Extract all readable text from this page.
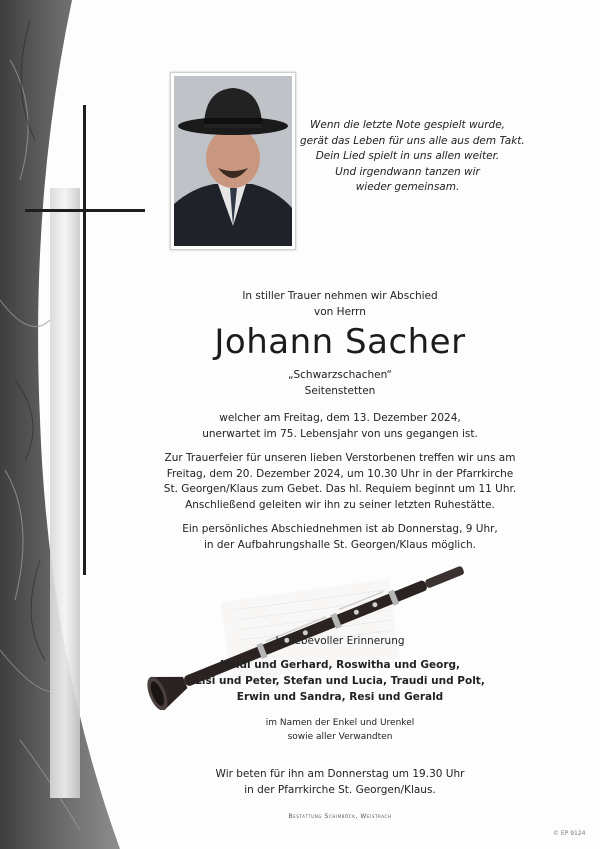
Wenn die letzte Note gespielt wurde,
gerät das Leben für uns alle aus dem Takt.
Dein Lied spielt in uns allen weiter.
Und irgendwann tanzen wir
wieder gemeinsam.
In stiller Trauer nehmen wir Abschied
von Herrn
Johann Sacher
„Schwarzschachen“
Seitenstetten
welcher am Freitag, dem 13. Dezember 2024,
unerwartet im 75. Lebensjahr von uns gegangen ist.
Zur Trauerfeier für unseren lieben Verstorbenen treffen wir uns am
Freitag, dem 20. Dezember 2024, um 10.30 Uhr in der Pfarrkirche
St. Georgen/Klaus zum Gebet. Das hl. Requiem beginnt um 11 Uhr.
Anschließend geleiten wir ihn zu seiner letzten Ruhestätte.
Ein persönliches Abschiednehmen ist ab Donnerstag, 9 Uhr,
in der Aufbahrungshalle St. Georgen/Klaus möglich.
In liebevoller Erinnerung
Heidi und Gerhard, Roswitha und Georg,
Lisi und Peter, Stefan und Lucia, Traudi und Polt,
Erwin und Sandra, Resi und Gerald
im Namen der Enkel und Urenkel
sowie aller Verwandten
Wir beten für ihn am Donnerstag um 19.30 Uhr
in der Pfarrkirche St. Georgen/Klaus.
Bestattung Schimböck, Weistrach
© EP 9124
